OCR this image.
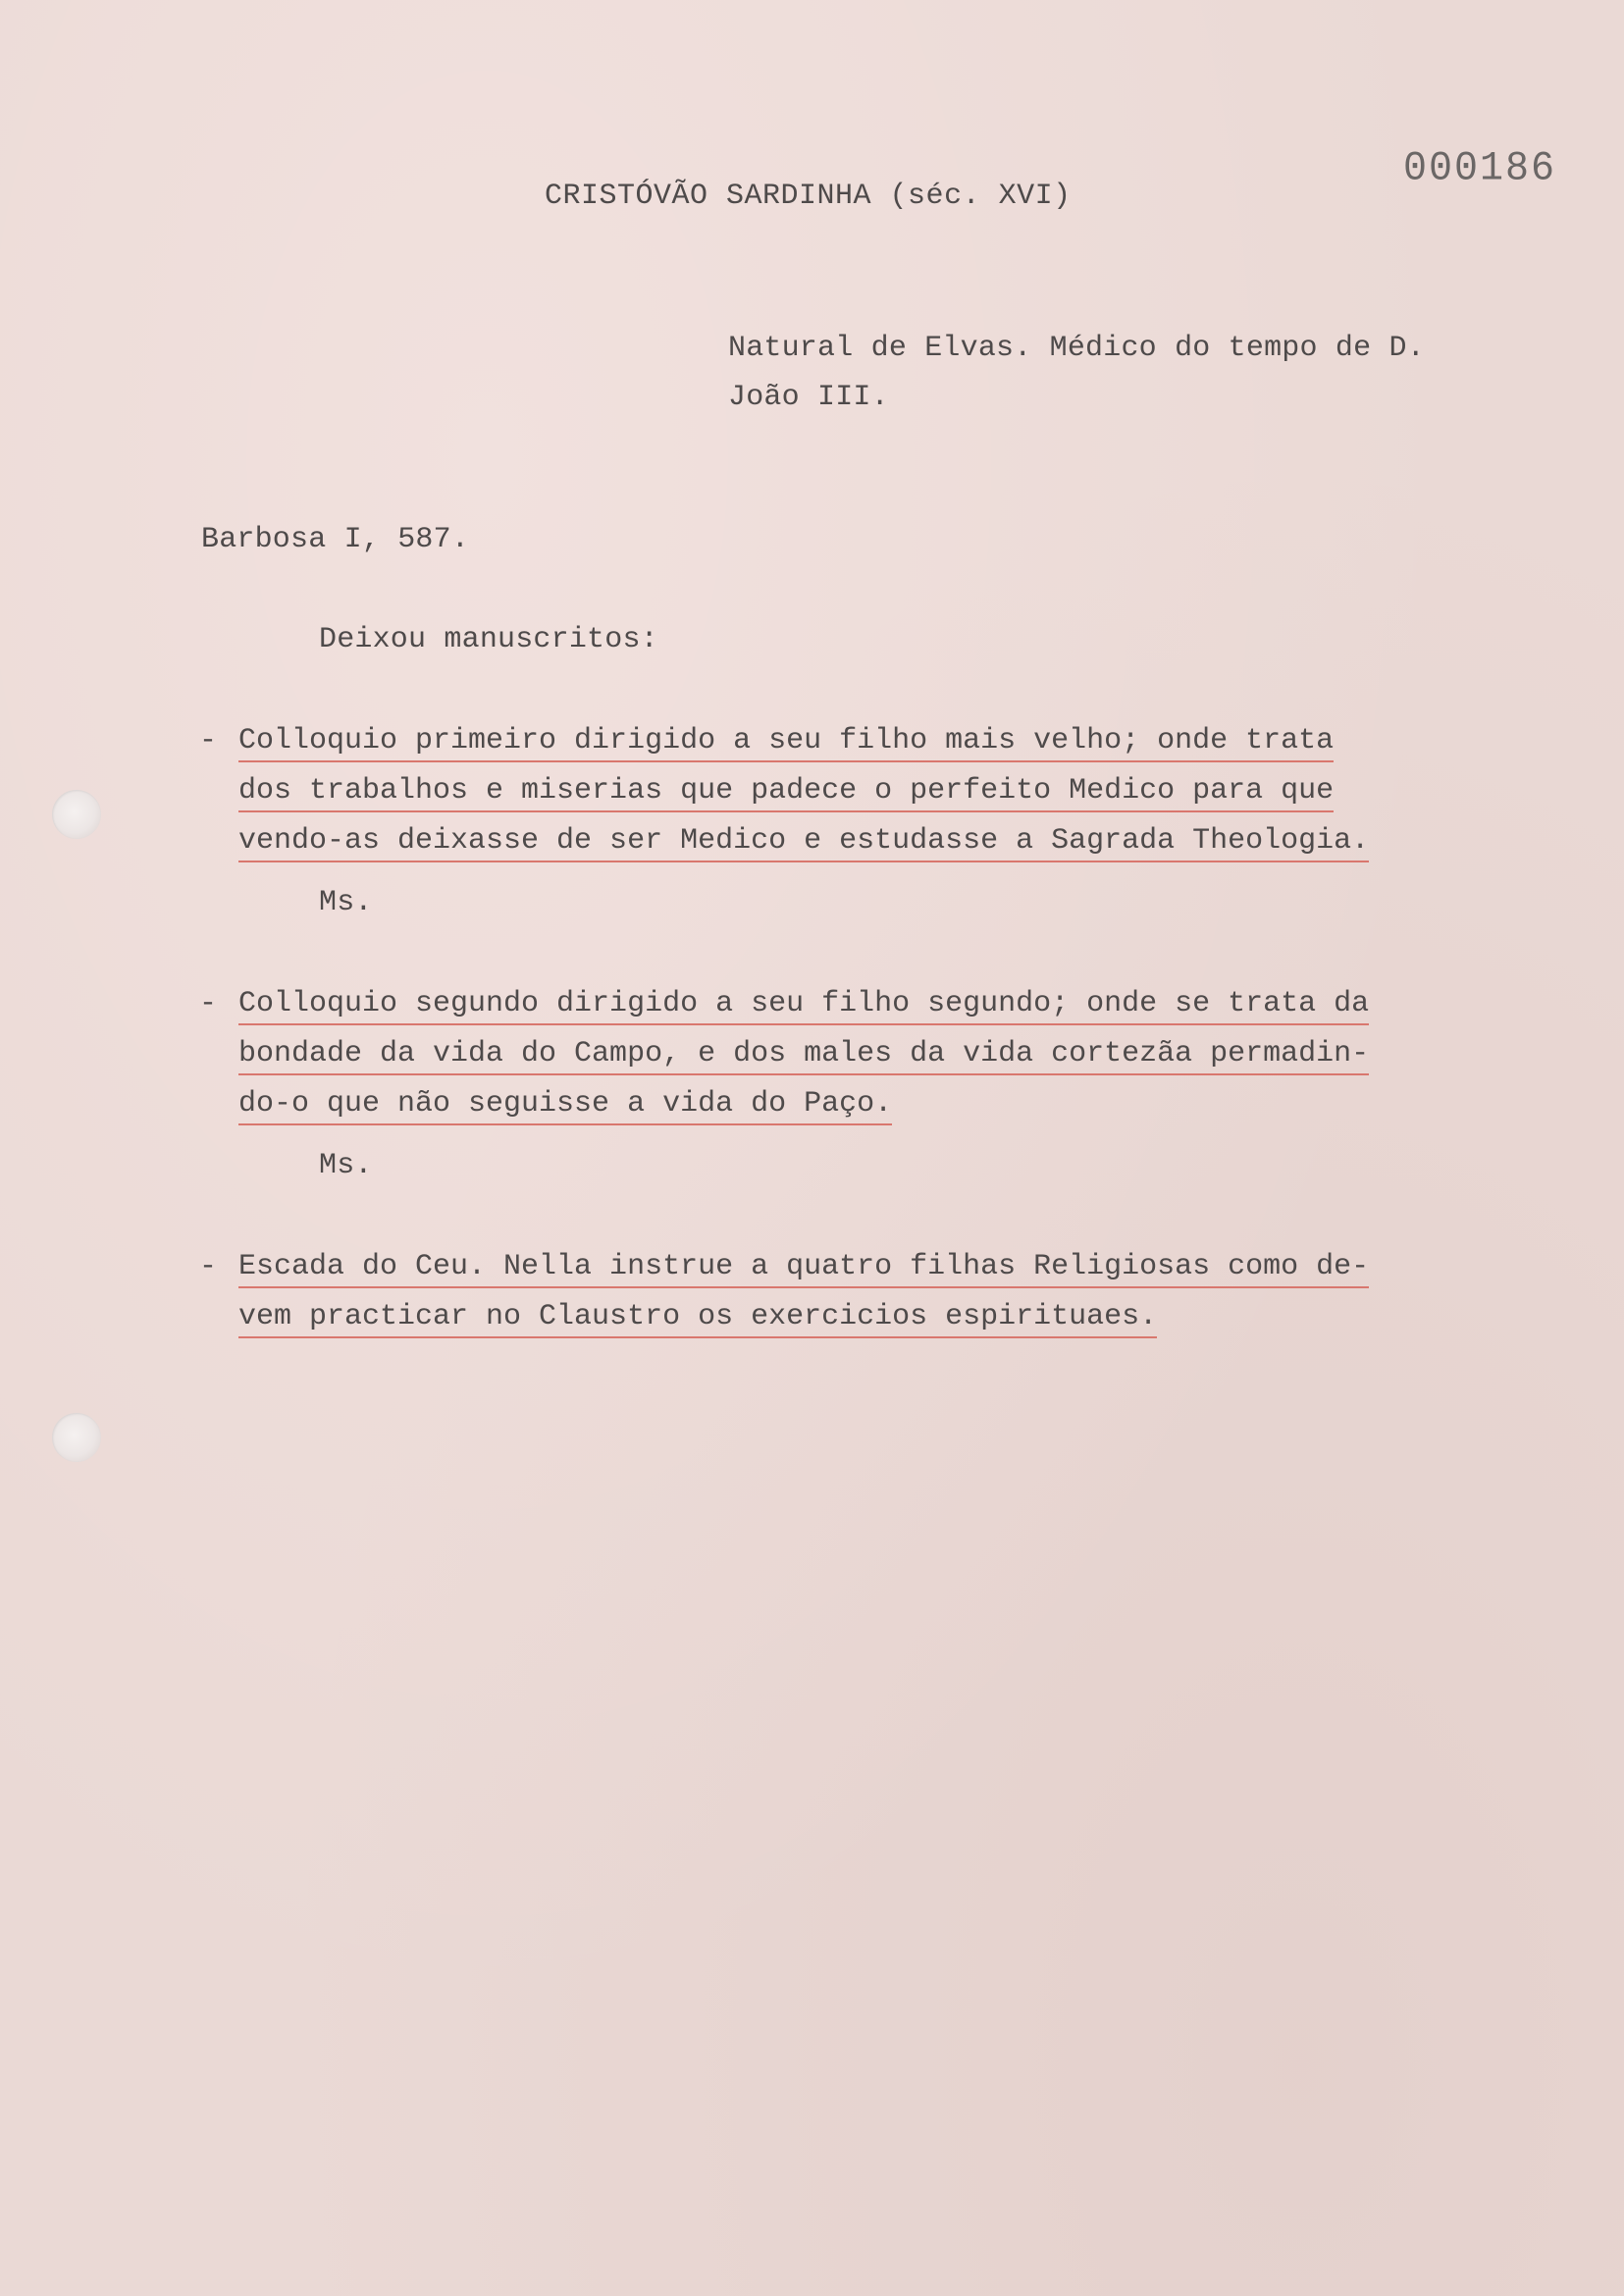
CRISTÓVÃO SARDINHA (séc. XVI)
000186
Natural de Elvas. Médico do tempo de D.
João III.
Barbosa I, 587.
Deixou manuscritos:
- Colloquio primeiro dirigido a seu filho mais velho; onde trata
dos trabalhos e miserias que padece o perfeito Medico para que
vendo-as deixasse de ser Medico e estudasse a Sagrada Theologia.
Ms.
- Colloquio segundo dirigido a seu filho segundo; onde se trata da
bondade da vida do Campo, e dos males da vida cortezãa permadin-
do-o que não seguisse a vida do Paço.
Ms.
- Escada do Ceu. Nella instrue a quatro filhas Religiosas como de-
vem practicar no Claustro os exercicios espirituaes.
